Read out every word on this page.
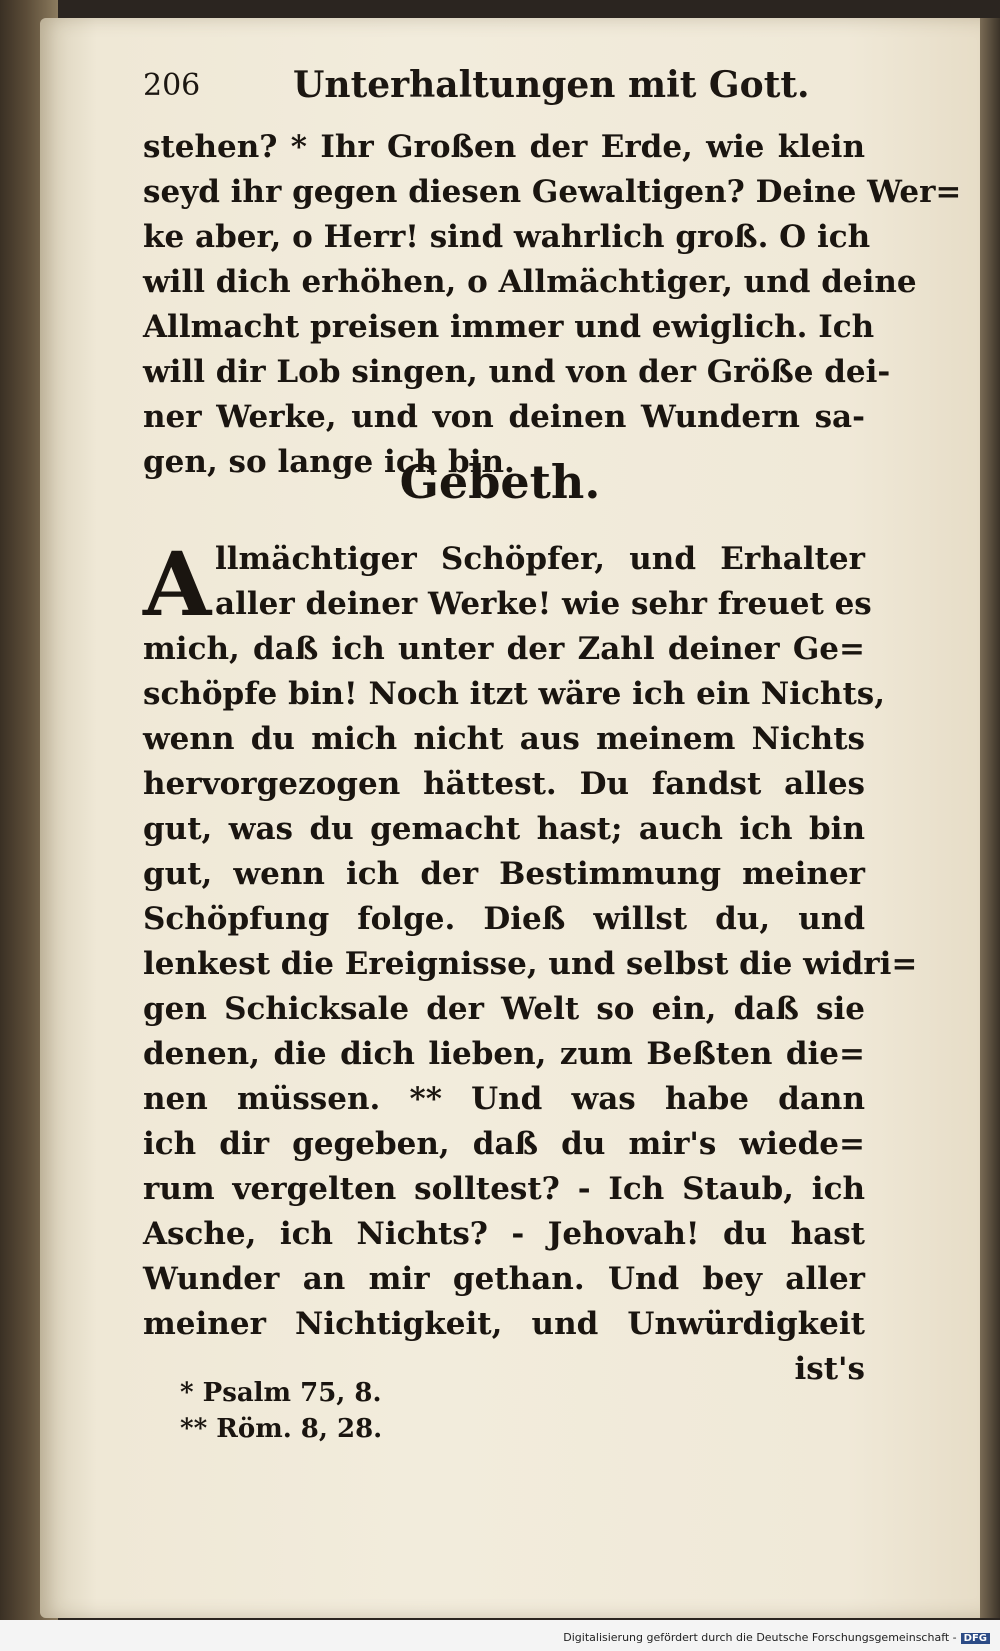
206	Unterhaltungen mit Gott.
stehen? * Ihr Großen der Erde, wie klein
seyd ihr gegen diesen Gewaltigen? Deine Wer=
ke aber, o Herr! sind wahrlich groß. O ich
will dich erhöhen, o Allmächtiger, und deine
Allmacht preisen immer und ewiglich. Ich
will dir Lob singen, und von der Größe dei-
ner Werke, und von deinen Wundern sa-
gen, so lange ich bin.
Gebeth.
A llmächtiger Schöpfer, und Erhalter
aller deiner Werke! wie sehr freuet es
mich, daß ich unter der Zahl deiner Ge=
schöpfe bin! Noch itzt wäre ich ein Nichts,
wenn du mich nicht aus meinem Nichts
hervorgezogen hättest. Du fandst alles
gut, was du gemacht hast; auch ich bin
gut, wenn ich der Bestimmung meiner
Schöpfung folge. Dieß willst du, und
lenkest die Ereignisse, und selbst die widri=
gen Schicksale der Welt so ein, daß sie
denen, die dich lieben, zum Beßten die=
nen müssen. ** Und was habe dann
ich dir gegeben, daß du mir's wiede=
rum vergelten solltest? - Ich Staub, ich
Asche, ich Nichts? - Jehovah! du hast
Wunder an mir gethan. Und bey aller
meiner Nichtigkeit, und Unwürdigkeit
ist's
* Psalm 75, 8.
** Röm. 8, 28.
Digitalisierung gefördert durch die Deutsche Forschungsgemeinschaft - DFG
